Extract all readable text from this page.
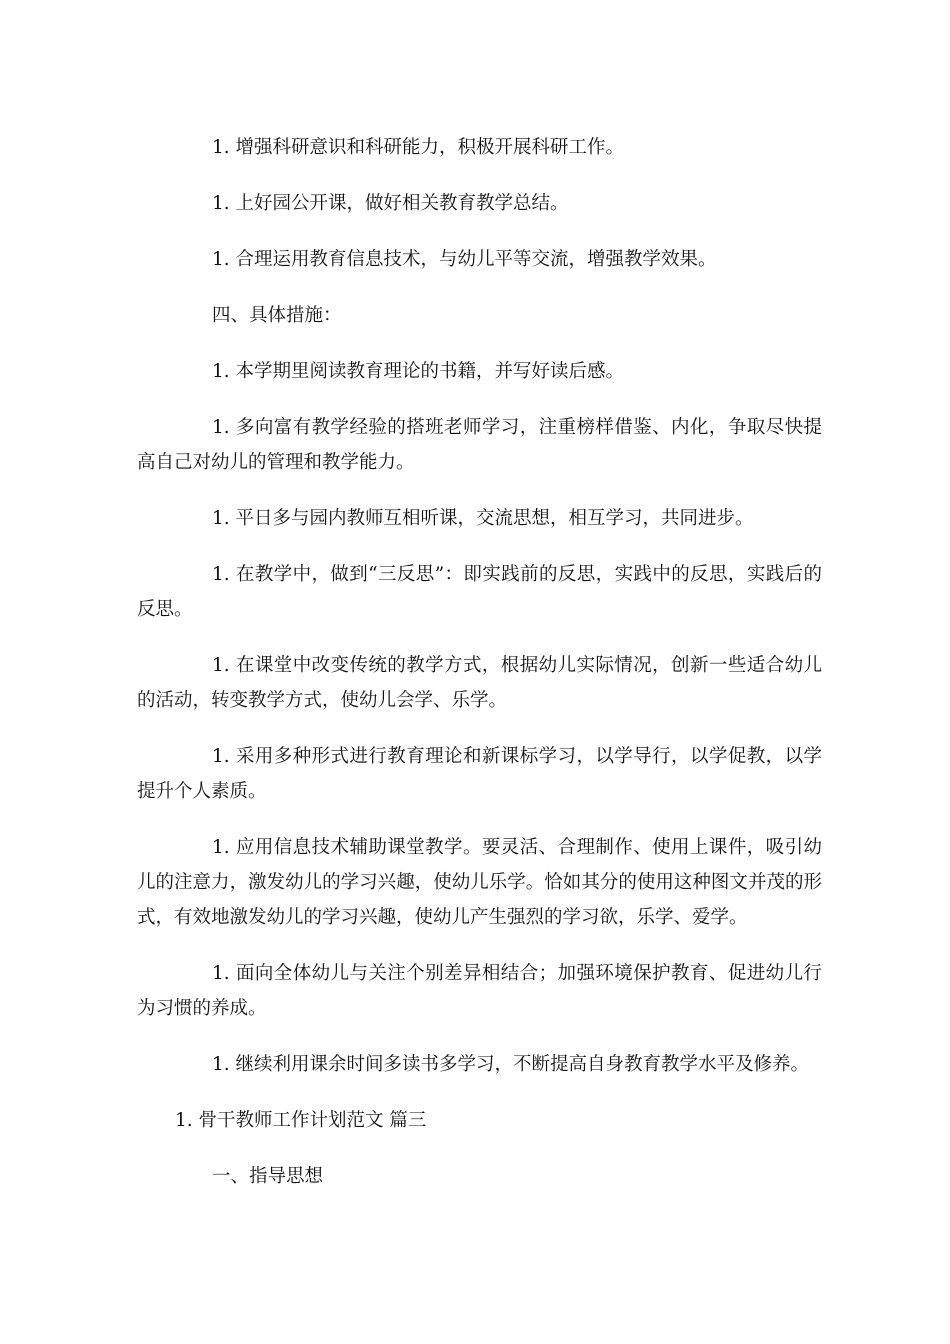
1. 增强科研意识和科研能力，积极开展科研工作。

1. 上好园公开课，做好相关教育教学总结。

1. 合理运用教育信息技术，与幼儿平等交流，增强教学效果。

四、具体措施：

1. 本学期里阅读教育理论的书籍，并写好读后感。

1. 多向富有教学经验的搭班老师学习，注重榜样借鉴、内化，争取尽快提高自己对幼儿的管理和教学能力。

1. 平日多与园内教师互相听课，交流思想，相互学习，共同进步。

1. 在教学中，做到“三反思”：即实践前的反思，实践中的反思，实践后的反思。

1. 在课堂中改变传统的教学方式，根据幼儿实际情况，创新一些适合幼儿的活动，转变教学方式，使幼儿会学、乐学。

1. 采用多种形式进行教育理论和新课标学习，以学导行，以学促教，以学提升个人素质。

1. 应用信息技术辅助课堂教学。要灵活、合理制作、使用上课件，吸引幼儿的注意力，激发幼儿的学习兴趣，使幼儿乐学。恰如其分的使用这种图文并茂的形式，有效地激发幼儿的学习兴趣，使幼儿产生强烈的学习欲，乐学、爱学。

1. 面向全体幼儿与关注个别差异相结合；加强环境保护教育、促进幼儿行为习惯的养成。

1. 继续利用课余时间多读书多学习，不断提高自身教育教学水平及修养。

1. 骨干教师工作计划范文 篇三

一、指导思想
